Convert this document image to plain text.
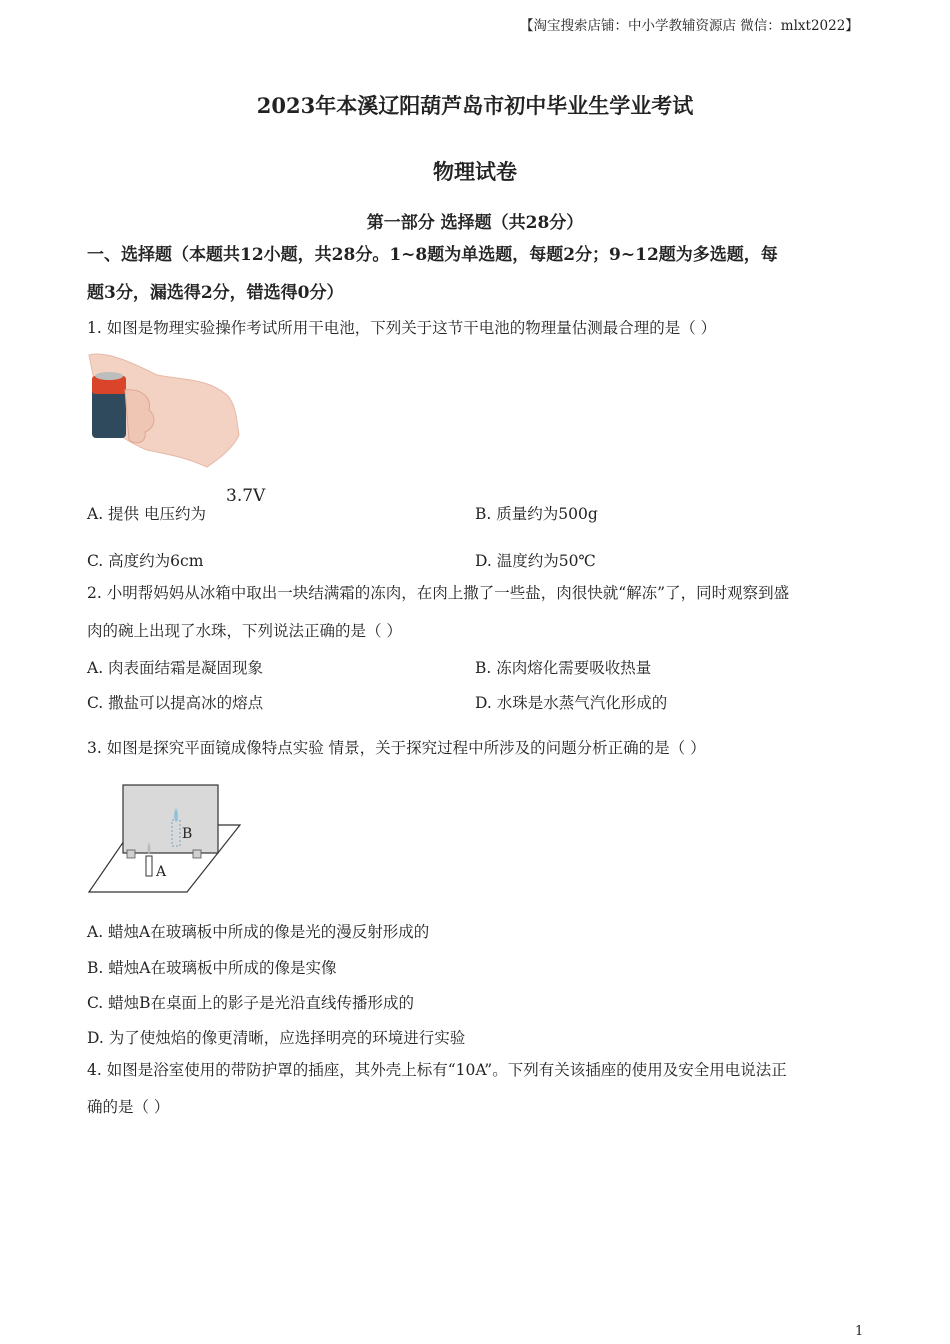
【淘宝搜索店铺：中小学教辅资源店 微信：mlxt2022】
2023年本溪辽阳葫芦岛市初中毕业生学业考试
物理试卷
第一部分 选择题（共28分）
一、选择题（本题共12小题，共28分。1~8题为单选题，每题2分；9~12题为多选题，每
题3分，漏选得2分，错选得0分）
1. 如图是物理实验操作考试所用干电池，下列关于这节干电池的物理量估测最合理的是（ ）
A. 提供 电压约为
3.7V
B. 质量约为500g
C. 高度约为6cm	D. 温度约为50℃
2. 小明帮妈妈从冰箱中取出一块结满霜的冻肉，在肉上撒了一些盐，肉很快就“解冻”了，同时观察到盛
肉的碗上出现了水珠，下列说法正确的是（ ）
A. 肉表面结霜是凝固现象	B. 冻肉熔化需要吸收热量
C. 撒盐可以提高冰的熔点	D. 水珠是水蒸气汽化形成的
3. 如图是探究平面镜成像特点实验 情景，关于探究过程中所涉及的问题分析正确的是（ ）
B
A
A. 蜡烛A在玻璃板中所成的像是光的漫反射形成的
B. 蜡烛A在玻璃板中所成的像是实像
C. 蜡烛B在桌面上的影子是光沿直线传播形成的
D. 为了使烛焰的像更清晰，应选择明亮的环境进行实验
4. 如图是浴室使用的带防护罩的插座，其外壳上标有“10A”。下列有关该插座的使用及安全用电说法正
确的是（ ）
1
